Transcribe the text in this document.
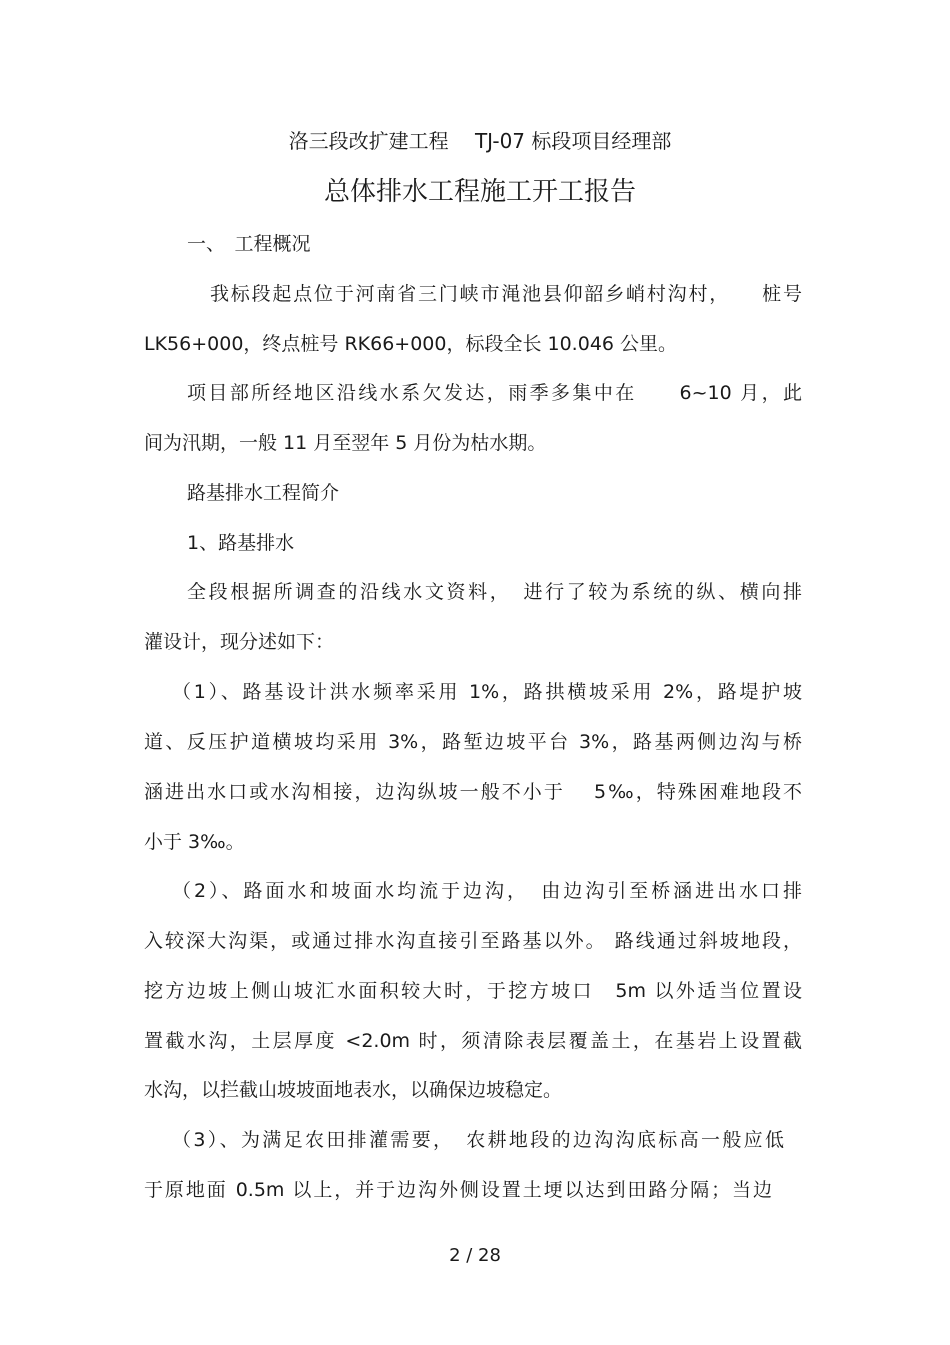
洛三段改扩建工程　 TJ-07 标段项目经理部
总体排水工程施工开工报告
一、　工程概况
我标段起点位于河南省三门峡市渑池县仰韶乡峭村沟村，　　桩号
LK56+000，终点桩号 RK66+000，标段全长 10.046 公里。
项目部所经地区沿线水系欠发达，雨季多集中在　　6~10 月，此
间为汛期，一般 11 月至翌年 5 月份为枯水期。
路基排水工程简介
1、路基排水
全段根据所调查的沿线水文资料，　进行了较为系统的纵、横向排
灌设计，现分述如下：
（1）、路基设计洪水频率采用 1%，路拱横坡采用 2%，路堤护坡
道、反压护道横坡均采用 3%，路堑边坡平台 3%，路基两侧边沟与桥
涵进出水口或水沟相接，边沟纵坡一般不小于　 5‰，特殊困难地段不
小于 3‰。
（2）、路面水和坡面水均流于边沟，　由边沟引至桥涵进出水口排
入较深大沟渠，或通过排水沟直接引至路基以外。 路线通过斜坡地段，
挖方边坡上侧山坡汇水面积较大时，于挖方坡口　5m 以外适当位置设
置截水沟，土层厚度 <2.0m 时，须清除表层覆盖土，在基岩上设置截
水沟，以拦截山坡坡面地表水，以确保边坡稳定。
（3）、为满足农田排灌需要，　农耕地段的边沟沟底标高一般应低
于原地面 0.5m 以上，并于边沟外侧设置土埂以达到田路分隔；当边
2 / 28
